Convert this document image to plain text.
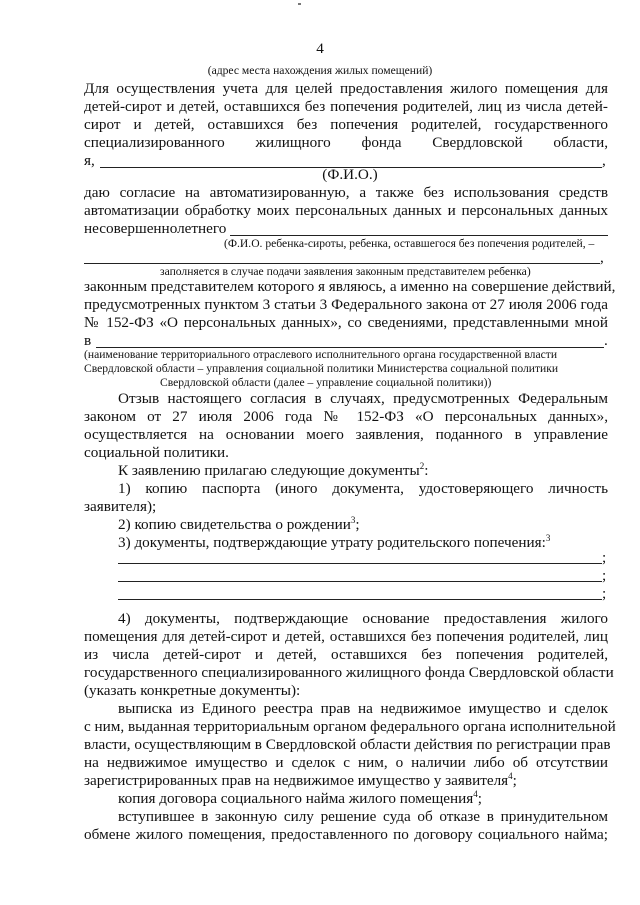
4
(адрес места нахождения жилых помещений)
Для осуществления учета для целей предоставления жилого помещения для
детей-сирот и детей, оставшихся без попечения родителей, лиц из числа детей-
сирот и детей, оставшихся без попечения родителей, государственного
специализированного жилищного фонда Свердловской области,
я,	,
(Ф.И.О.)
даю согласие на автоматизированную, а также без использования средств
автоматизации обработку моих персональных данных и персональных данных
несовершеннолетнего
(Ф.И.О. ребенка-сироты, ребенка, оставшегося без попечения родителей, –
,
заполняется в случае подачи заявления законным представителем ребенка)
законным представителем которого я являюсь, а именно на совершение действий,
предусмотренных пунктом 3 статьи 3 Федерального закона от 27 июля 2006 года
№ 152-ФЗ «О персональных данных», со сведениями, представленными мной
в	.
(наименование территориального отраслевого исполнительного органа государственной власти
Свердловской области – управления социальной политики Министерства социальной политики
Свердловской области (далее – управление социальной политики))
Отзыв настоящего согласия в случаях, предусмотренных Федеральным
законом от 27 июля 2006 года № 152-ФЗ «О персональных данных»,
осуществляется на основании моего заявления, поданного в управление
социальной политики.
К заявлению прилагаю следующие документы$^2$:
1) копию паспорта (иного документа, удостоверяющего личность
заявителя);
2) копию свидетельства о рождении$^3$;
3) документы, подтверждающие утрату родительского попечения:$^3$
;
;
;
4) документы, подтверждающие основание предоставления жилого
помещения для детей-сирот и детей, оставшихся без попечения родителей, лиц
из числа детей-сирот и детей, оставшихся без попечения родителей,
государственного специализированного жилищного фонда Свердловской области
(указать конкретные документы):
выписка из Единого реестра прав на недвижимое имущество и сделок
с ним, выданная территориальным органом федерального органа исполнительной
власти, осуществляющим в Свердловской области действия по регистрации прав
на недвижимое имущество и сделок с ним, о наличии либо об отсутствии
зарегистрированных прав на недвижимое имущество у заявителя$^4$;
копия договора социального найма жилого помещения$^4$;
вступившее в законную силу решение суда об отказе в принудительном
обмене жилого помещения, предоставленного по договору социального найма;
